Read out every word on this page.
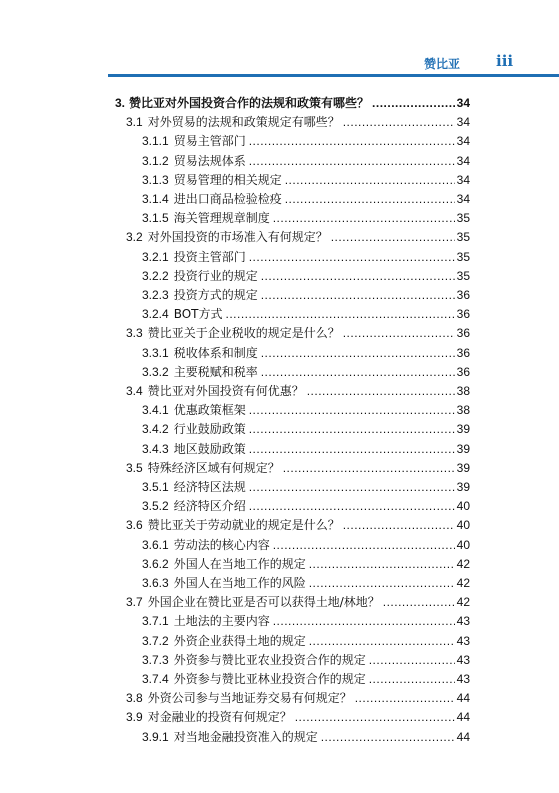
赞比亚 iii
3. 赞比亚对外国投资合作的法规和政策有哪些？ .....	34
3.1 对外贸易的法规和政策规定有哪些？ .....	34
3.1.1 贸易主管部门 .....	34
3.1.2 贸易法规体系 .....	34
3.1.3 贸易管理的相关规定 .....	34
3.1.4 进出口商品检验检疫 .....	34
3.1.5 海关管理规章制度 .....	35
3.2 对外国投资的市场准入有何规定？ .....	35
3.2.1 投资主管部门 .....	35
3.2.2 投资行业的规定 .....	35
3.2.3 投资方式的规定 .....	36
3.2.4 BOT方式 .....	36
3.3 赞比亚关于企业税收的规定是什么？ .....	36
3.3.1 税收体系和制度 .....	36
3.3.2 主要税赋和税率 .....	36
3.4 赞比亚对外国投资有何优惠？ .....	38
3.4.1 优惠政策框架 .....	38
3.4.2 行业鼓励政策 .....	39
3.4.3 地区鼓励政策 .....	39
3.5 特殊经济区域有何规定？ .....	39
3.5.1 经济特区法规 .....	39
3.5.2 经济特区介绍 .....	40
3.6 赞比亚关于劳动就业的规定是什么？ .....	40
3.6.1 劳动法的核心内容 .....	40
3.6.2 外国人在当地工作的规定 .....	42
3.6.3 外国人在当地工作的风险 .....	42
3.7 外国企业在赞比亚是否可以获得土地/林地？ .....	42
3.7.1 土地法的主要内容 .....	43
3.7.2 外资企业获得土地的规定 .....	43
3.7.3 外资参与赞比亚农业投资合作的规定 .....	43
3.7.4 外资参与赞比亚林业投资合作的规定 .....	43
3.8 外资公司参与当地证券交易有何规定？ .....	44
3.9 对金融业的投资有何规定？ .....	44
3.9.1 对当地金融投资准入的规定 .....	44
